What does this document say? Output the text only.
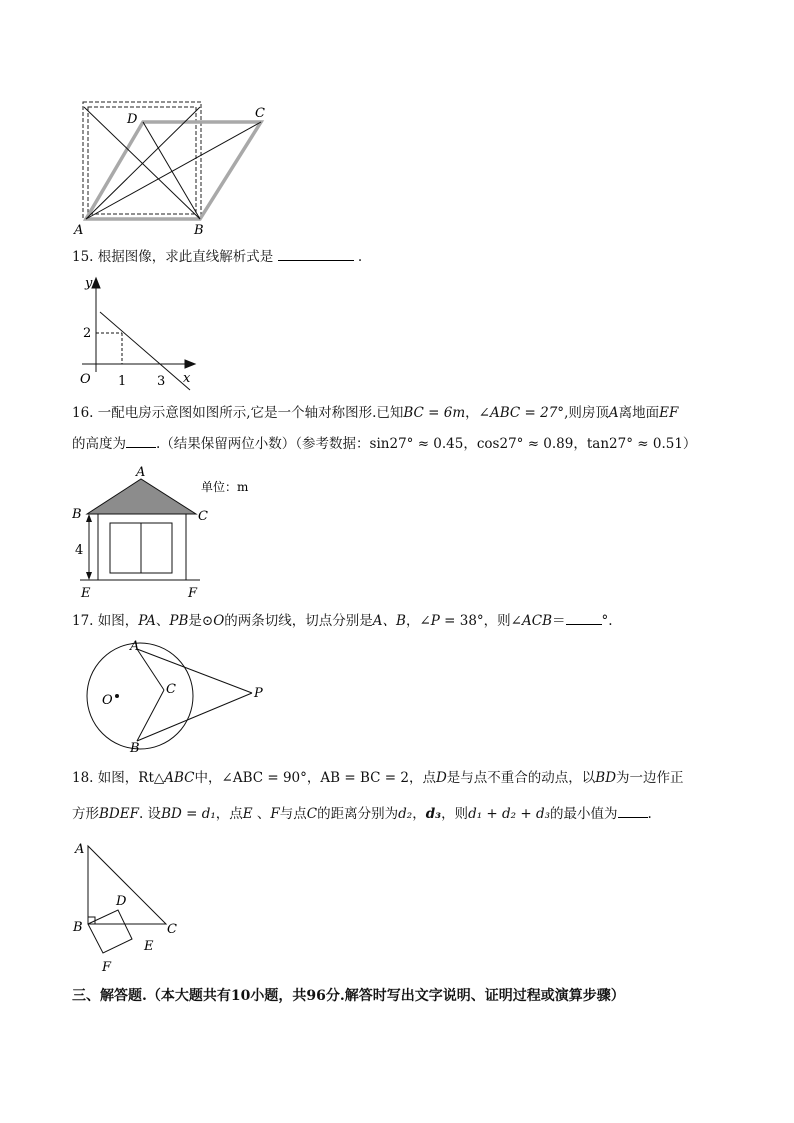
A	B
C
D
15. 根据图像，求此直线解析式是	.
y
x
O
2
1 3
16. 一配电房示意图如图所示,它是一个轴对称图形.已知BC = 6m，∠ABC = 27°,则房顶A离地面EF
的高度为 .（结果保留两位小数）（参考数据：sin27° ≈ 0.45，cos27° ≈ 0.89，tan27° ≈ 0.51）
A
B	C
E	F
4
单位：m
17. 如图，PA、PB是⊙O的两条切线，切点分别是A、B，∠P = 38°，则∠ACB＝	°.
A
B
C
O	P
18. 如图，Rt△ABC中，∠ABC = 90°，AB = BC = 2，点D是与点不重合的动点，以BD为一边作正
方形BDEF. 设BD = d₁，点E 、F与点C的距离分别为d₂，d₃，则d₁ + d₂ + d₃的最小值为 .
A
B	C
D
E
F
三、解答题.（本大题共有10小题，共96分.解答时写出文字说明、证明过程或演算步骤）
